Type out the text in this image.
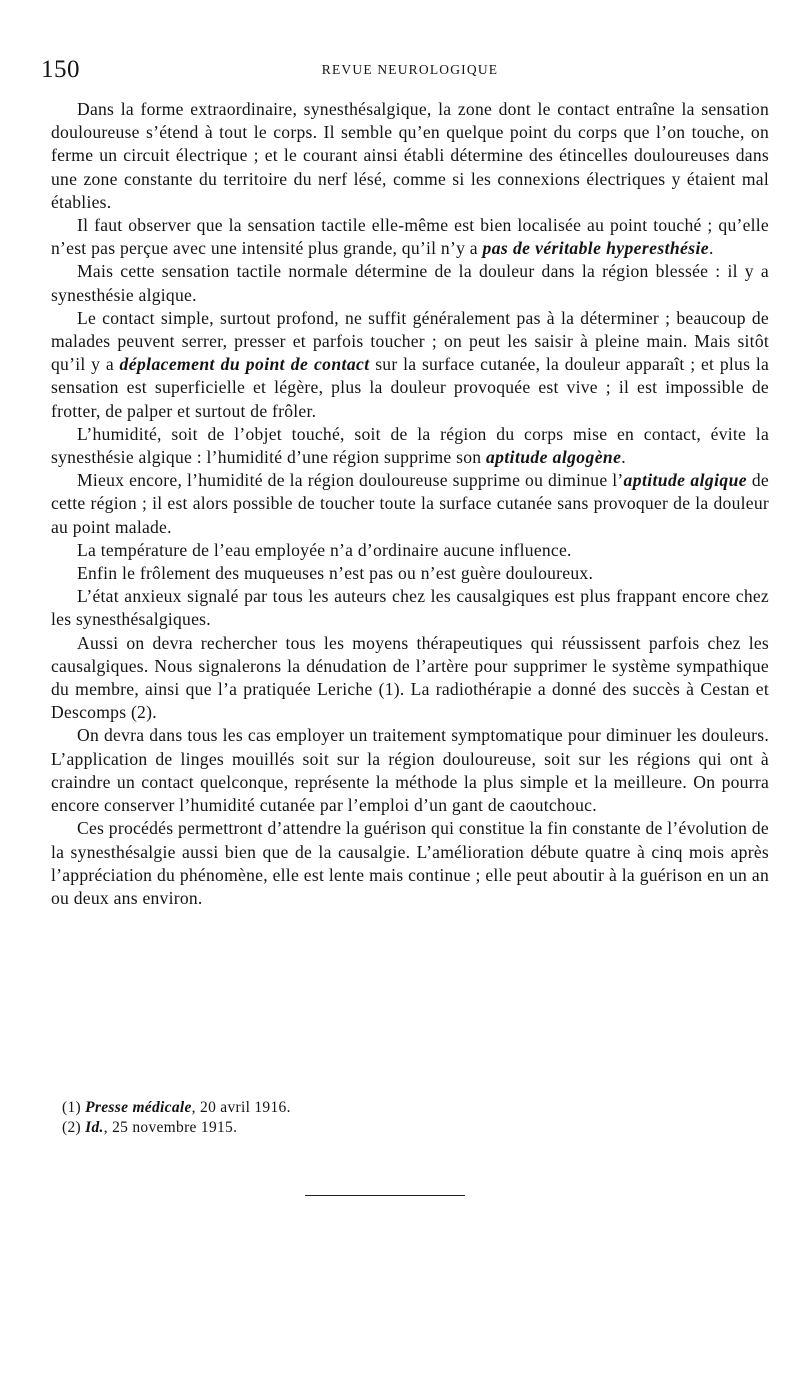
150	REVUE NEUROLOGIQUE

Dans la forme extraordinaire, synesthésalgique, la zone dont le contact entraîne la sensation douloureuse s’étend à tout le corps. Il semble qu’en quelque point du corps que l’on touche, on ferme un circuit électrique ; et le courant ainsi établi détermine des étincelles douloureuses dans une zone constante du territoire du nerf lésé, comme si les connexions électriques y étaient mal établies.

Il faut observer que la sensation tactile elle-même est bien localisée au point touché ; qu’elle n’est pas perçue avec une intensité plus grande, qu’il n’y a pas de véritable hyperesthésie.

Mais cette sensation tactile normale détermine de la douleur dans la région blessée : il y a synesthésie algique.

Le contact simple, surtout profond, ne suffit généralement pas à la déterminer ; beaucoup de malades peuvent serrer, presser et parfois toucher ; on peut les saisir à pleine main. Mais sitôt qu’il y a déplacement du point de contact sur la surface cutanée, la douleur apparaît ; et plus la sensation est superficielle et légère, plus la douleur provoquée est vive ; il est impossible de frotter, de palper et surtout de frôler.

L’humidité, soit de l’objet touché, soit de la région du corps mise en contact, évite la synesthésie algique : l’humidité d’une région supprime son aptitude algogène.

Mieux encore, l’humidité de la région douloureuse supprime ou diminue l’aptitude algique de cette région ; il est alors possible de toucher toute la surface cutanée sans provoquer de la douleur au point malade.

La température de l’eau employée n’a d’ordinaire aucune influence.

Enfin le frôlement des muqueuses n’est pas ou n’est guère douloureux.

L’état anxieux signalé par tous les auteurs chez les causalgiques est plus frappant encore chez les synesthésalgiques.

Aussi on devra rechercher tous les moyens thérapeutiques qui réussissent parfois chez les causalgiques. Nous signalerons la dénudation de l’artère pour supprimer le système sympathique du membre, ainsi que l’a pratiquée Leriche (1). La radiothérapie a donné des succès à Cestan et Descomps (2).

On devra dans tous les cas employer un traitement symptomatique pour diminuer les douleurs. L’application de linges mouillés soit sur la région douloureuse, soit sur les régions qui ont à craindre un contact quelconque, représente la méthode la plus simple et la meilleure. On pourra encore conserver l’humidité cutanée par l’emploi d’un gant de caoutchouc.

Ces procédés permettront d’attendre la guérison qui constitue la fin constante de l’évolution de la synesthésalgie aussi bien que de la causalgie. L’amélioration débute quatre à cinq mois après l’appréciation du phénomène, elle est lente mais continue ; elle peut aboutir à la guérison en un an ou deux ans environ.

(1) Presse médicale, 20 avril 1916.

(2) Id., 25 novembre 1915.
